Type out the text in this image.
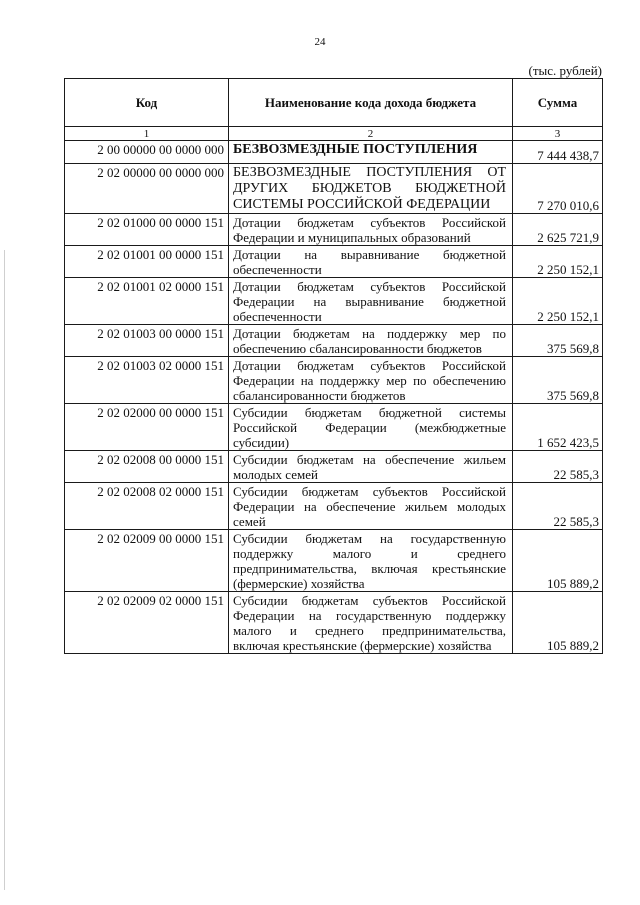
24
(тыс. рублей)
Код	Наименование кода дохода бюджета	Сумма
1	2	3
2 00 00000 00 0000 000	БЕЗВОЗМЕЗДНЫЕ ПОСТУПЛЕНИЯ	7 444 438,7
2 02 00000 00 0000 000	БЕЗВОЗМЕЗДНЫЕ ПОСТУПЛЕНИЯ ОТ ДРУГИХ БЮДЖЕТОВ БЮДЖЕТНОЙ СИСТЕМЫ РОССИЙСКОЙ ФЕДЕРАЦИИ	7 270 010,6
2 02 01000 00 0000 151	Дотации бюджетам субъектов Российской Федерации и муниципальных образований	2 625 721,9
2 02 01001 00 0000 151	Дотации на выравнивание бюджетной обеспеченности	2 250 152,1
2 02 01001 02 0000 151	Дотации бюджетам субъектов Российской Федерации на выравнивание бюджетной обеспеченности	2 250 152,1
2 02 01003 00 0000 151	Дотации бюджетам на поддержку мер по обеспечению сбалансированности бюджетов	375 569,8
2 02 01003 02 0000 151	Дотации бюджетам субъектов Российской Федерации на поддержку мер по обеспечению сбалансированности бюджетов	375 569,8
2 02 02000 00 0000 151	Субсидии бюджетам бюджетной системы Российской Федерации (межбюджетные субсидии)	1 652 423,5
2 02 02008 00 0000 151	Субсидии бюджетам на обеспечение жильем молодых семей	22 585,3
2 02 02008 02 0000 151	Субсидии бюджетам субъектов Российской Федерации на обеспечение жильем молодых семей	22 585,3
2 02 02009 00 0000 151	Субсидии бюджетам на государственную поддержку малого и среднего предпринимательства, включая крестьянские (фермерские) хозяйства	105 889,2
2 02 02009 02 0000 151	Субсидии бюджетам субъектов Российской Федерации на государственную поддержку малого и среднего предпринимательства, включая крестьянские (фермерские) хозяйства	105 889,2
